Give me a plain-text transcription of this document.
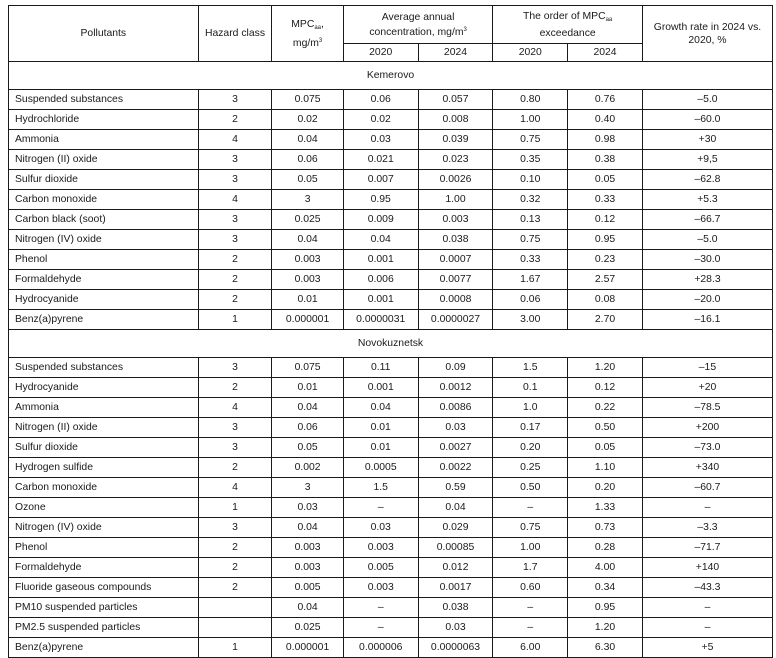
Pollutants	Hazard class	$MPC_{aa}$, $mg/m^3$	Average annual concentration, $mg/m^3$		The order of $MPC_{aa}$ exceedance		Growth rate in 2024 vs. 2020, %
			2020	2024	2020	2024	
Kemerovo							
Suspended substances	3	0.075	0.06	0.057	0.80	0.76	–5.0
Hydrochloride	2	0.02	0.02	0.008	1.00	0.40	–60.0
Ammonia	4	0.04	0.03	0.039	0.75	0.98	+30
Nitrogen (II) oxide	3	0.06	0.021	0.023	0.35	0.38	+9,5
Sulfur dioxide	3	0.05	0.007	0.0026	0.10	0.05	–62.8
Carbon monoxide	4	3	0.95	1.00	0.32	0.33	+5.3
Carbon black (soot)	3	0.025	0.009	0.003	0.13	0.12	–66.7
Nitrogen (IV) oxide	3	0.04	0.04	0.038	0.75	0.95	–5.0
Phenol	2	0.003	0.001	0.0007	0.33	0.23	–30.0
Formaldehyde	2	0.003	0.006	0.0077	1.67	2.57	+28.3
Hydrocyanide	2	0.01	0.001	0.0008	0.06	0.08	–20.0
Benz(a)pyrene	1	0.000001	0.0000031	0.0000027	3.00	2.70	–16.1
Novokuznetsk							
Suspended substances	3	0.075	0.11	0.09	1.5	1.20	–15
Hydrocyanide	2	0.01	0.001	0.0012	0.1	0.12	+20
Ammonia	4	0.04	0.04	0.0086	1.0	0.22	–78.5
Nitrogen (II) oxide	3	0.06	0.01	0.03	0.17	0.50	+200
Sulfur dioxide	3	0.05	0.01	0.0027	0.20	0.05	–73.0
Hydrogen sulfide	2	0.002	0.0005	0.0022	0.25	1.10	+340
Carbon monoxide	4	3	1.5	0.59	0.50	0.20	–60.7
Ozone	1	0.03	–	0.04	–	1.33	–
Nitrogen (IV) oxide	3	0.04	0.03	0.029	0.75	0.73	–3.3
Phenol	2	0.003	0.003	0.00085	1.00	0.28	–71.7
Formaldehyde	2	0.003	0.005	0.012	1.7	4.00	+140
Fluoride gaseous compounds	2	0.005	0.003	0.0017	0.60	0.34	–43.3
PM10 suspended particles		0.04	–	0.038	–	0.95	–
PM2.5 suspended particles		0.025	–	0.03	–	1.20	–
Benz(a)pyrene	1	0.000001	0.000006	0.0000063	6.00	6.30	+5
